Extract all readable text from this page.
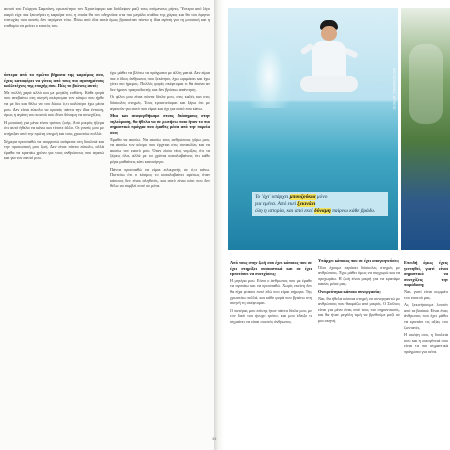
αυτού του Γιώργου Σαμπάνη, ερωτεύτηκε τον Χριστόφορο και δούλεψαν μαζί τους επόμενους μήνες. Ύστερα από λίγο καιρό είχε πια ξεκινήσει η καριέρα του, η οποία θα τον οδηγούσε στα πιο μεγάλα στάδια της χώρας και θα του έφερνε επιτυχίες που κανείς δεν περίμενε τότε. Πίσω από όλα αυτά όμως βρισκόταν πάντα η ίδια αγάπη για τη μουσική και η επιθυμία να μείνει ο εαυτός του.

ύστερα από τα πρώτα βήματα της καριέρας σου, έχεις καταφέρει να γίνεις από τους πιο αγαπημένους καλλιτέχνες της εποχής σου. Πώς το βιώνεις αυτό;

Με πολλή χαρά αλλά και με μεγάλη ευθύνη. Κάθε φορά που ανεβαίνω στη σκηνή σκέφτομαι τον κόσμο που ήρθε να με δει και θέλω να του δώσω ό,τι καλύτερο έχω μέσα μου. Δεν είναι εύκολο να κρατάς πάντα την ίδια ένταση, όμως η αγάπη του κοινού σου δίνει δύναμη να συνεχίζεις.

Η μουσική για μένα είναι τρόπος ζωής. Από μικρός ήξερα ότι αυτό ήθελα να κάνω και τίποτε άλλο. Οι γονείς μου με στήριξαν από την πρώτη στιγμή και τους χρωστάω πολλά.

Σήμερα προσπαθώ να ισορροπώ ανάμεσα στη δουλειά και την προσωπική μου ζωή. Δεν είναι πάντα εύκολο, αλλά έμαθα να κρατάω χρόνο για τους ανθρώπους που αγαπώ και για τον εαυτό μου.

έχω μάθει να βλέπω τα πράγματα με άλλη ματιά. Δεν είμαι πια ο ίδιος άνθρωπος που ξεκίνησε, έχω ωριμάσει και έχω γίνει πιο ήρεμος. Πολλές φορές σκέφτομαι τι θα έκανα αν δεν ήμουν τραγουδιστής και δεν βρίσκω απάντηση.

Οι φίλοι μου είναι πάντα δίπλα μου, στις καλές και στις δύσκολες στιγμές. Τους εμπιστεύομαι και ξέρω ότι με αγαπούν για αυτό που είμαι και όχι για αυτό που κάνω.

Μια και αναφερθήκαμε στους διάσημους στην τηλεόραση, θα ήθελα να σε ρωτήσω ποιο ήταν το πιο σημαντικό πράγμα που έμαθες μέσα από την πορεία σου;

Έμαθα να ακούω. Να ακούω τους ανθρώπους γύρω μου, να ακούω τον κόσμο που έρχεται στις συναυλίες και να ακούω τον εαυτό μου. Όταν είσαι νέος νομίζεις ότι τα ξέρεις όλα, αλλά με τα χρόνια καταλαβαίνεις ότι κάθε μέρα μαθαίνεις κάτι καινούργιο.

Πάντα προσπαθώ να είμαι ειλικρινής σε ό,τι κάνω. Πιστεύω ότι ο κόσμος το καταλαβαίνει αμέσως όταν κάποιος δεν είναι αληθινός, και αυτό είναι κάτι που δεν θέλω να συμβεί ποτέ σε μένα.

ΦΩΤΟΓΡΑΦΙΕΣ: ΑΡΧΕΙΟ
Το 'όχι' υπάρχει μπουζούκια μόνο
για εμένα. Από εκεί ξεκινάει
όλη η ιστορία, και από εκεί δύναμη παίρνω κάθε βράδυ.

Από τους στην ζωή σου έχει κάποιος που σε έχει στηρίξει ουσιαστικά και σε έχει εμπνεύσει να συνεχίσεις;

Η μητέρα μου. Είναι ο άνθρωπος που με έμαθε να αγαπάω και να προσπαθώ. Χωρίς εκείνη δεν θα είχα φτάσει ποτέ εδώ που είμαι σήμερα. Της χρωστάω πολλά, και κάθε φορά που βγαίνω στη σκηνή τη σκέφτομαι.

Ο πατέρας μου επίσης ήταν πάντα δίπλα μου, με τον δικό του ήσυχο τρόπο, και μου έδειξε τι σημαίνει να είσαι σωστός άνθρωπος.

Υπάρχει κάποιος που σε έχει απογοητεύσει;

Όλοι έχουμε περάσει δύσκολες στιγμές με ανθρώπους. Έχω μάθει όμως να συγχωρώ και να προχωράω. Η ζωή είναι μικρή για να κρατάμε κακίες μέσα μας.

Ονειρεύτηκα κάποια συνεργασία;

Ναι, θα ήθελα κάποια στιγμή να συνεργαστώ με ανθρώπους που θαυμάζω από μικρός. Ο Στέλιος είναι για μένα ένας από τους πιο σημαντικούς, και θα ήταν μεγάλη τιμή να βρεθούμε μαζί σε μια σκηνή.

Επειδή όμως έχεις γεννηθεί, γιατί είναι σημαντικό να συνεχίζεις την παράδοση;

Ναι, γιατί είναι κομμάτι του εαυτού μας.

Ας ξεκινήσουμε λοιπόν από τα βασικά. Είναι ένας άνθρωπος που έχει μάθει να κρατάει τις αξίες του ζωντανές.

Η σκέψη σου, η δουλειά σου και η οικογένειά σου είναι τα πιο σημαντικά πράγματα για σένα.

34
